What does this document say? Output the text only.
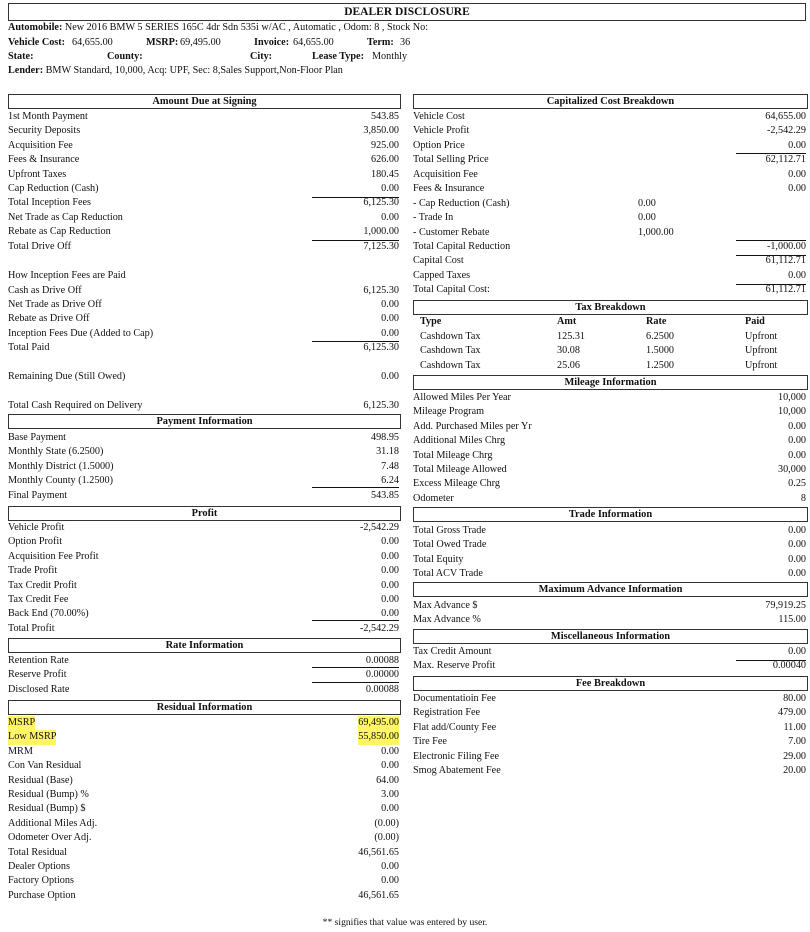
DEALER DISCLOSURE
Automobile: New 2016 BMW 5 SERIES 165C 4dr Sdn 535i w/AC , Automatic , Odom: 8 , Stock No:
Vehicle Cost: 64,655.00	MSRP: 69,495.00	Invoice: 64,655.00	Term: 36
State:	County:	City:	Lease Type: Monthly
Lender: BMW Standard, 10,000, Acq: UPF, Sec: 8,Sales Support,Non-Floor Plan
Amount Due at Signing
1st Month Payment	543.85
Security Deposits	3,850.00
Acquisition Fee	925.00
Fees & Insurance	626.00
Upfront Taxes	180.45
Cap Reduction (Cash)	0.00
Total Inception Fees	6,125.30
Net Trade as Cap Reduction	0.00
Rebate as Cap Reduction	1,000.00
Total Drive Off	7,125.30
How Inception Fees are Paid
Cash as Drive Off	6,125.30
Net Trade as Drive Off	0.00
Rebate as Drive Off	0.00
Inception Fees Due (Added to Cap)	0.00
Total Paid	6,125.30
Remaining Due (Still Owed)	0.00
Total Cash Required on Delivery	6,125.30
Payment Information
Base Payment	498.95
Monthly State (6.2500)	31.18
Monthly District (1.5000)	7.48
Monthly County (1.2500)	6.24
Final Payment	543.85
Profit
Vehicle Profit	-2,542.29
Option Profit	0.00
Acquisition Fee Profit	0.00
Trade Profit	0.00
Tax Credit Profit	0.00
Tax Credit Fee	0.00
Back End (70.00%)	0.00
Total Profit	-2,542.29
Rate Information
Retention Rate	0.00088
Reserve Profit	0.00000
Disclosed Rate	0.00088
Residual Information
MSRP	69,495.00
Low MSRP	55,850.00
MRM	0.00
Con Van Residual	0.00
Residual (Base)	64.00
Residual (Bump) %	3.00
Residual (Bump) $	0.00
Additional Miles Adj.	(0.00)
Odometer Over Adj.	(0.00)
Total Residual	46,561.65
Dealer Options	0.00
Factory Options	0.00
Purchase Option	46,561.65
Capitalized Cost Breakdown
Vehicle Cost	64,655.00
Vehicle Profit	-2,542.29
Option Price	0.00
Total Selling Price	62,112.71
Acquisition Fee	0.00
Fees & Insurance	0.00
- Cap Reduction (Cash)	0.00
- Trade In	0.00
- Customer Rebate	1,000.00
Total Capital Reduction	-1,000.00
Capital Cost	61,112.71
Capped Taxes	0.00
Total Capital Cost:	61,112.71
Tax Breakdown
Type	Amt	Rate	Paid
Cashdown Tax	125.31	6.2500	Upfront
Cashdown Tax	30.08	1.5000	Upfront
Cashdown Tax	25.06	1.2500	Upfront
Mileage Information
Allowed Miles Per Year	10,000
Mileage Program	10,000
Add. Purchased Miles per Yr	0.00
Additional Miles Chrg	0.00
Total Mileage Chrg	0.00
Total Mileage Allowed	30,000
Excess Mileage Chrg	0.25
Odometer	8
Trade Information
Total Gross Trade	0.00
Total Owed Trade	0.00
Total Equity	0.00
Total ACV Trade	0.00
Maximum Advance Information
Max Advance $	79,919.25
Max Advance %	115.00
Miscellaneous Information
Tax Credit Amount	0.00
Max. Reserve Profit	0.00040
Fee Breakdown
Documentatioin Fee	80.00
Registration Fee	479.00
Flat add/County Fee	11.00
Tire Fee	7.00
Electronic Filing Fee	29.00
Smog Abatement Fee	20.00
** signifies that value was entered by user.
